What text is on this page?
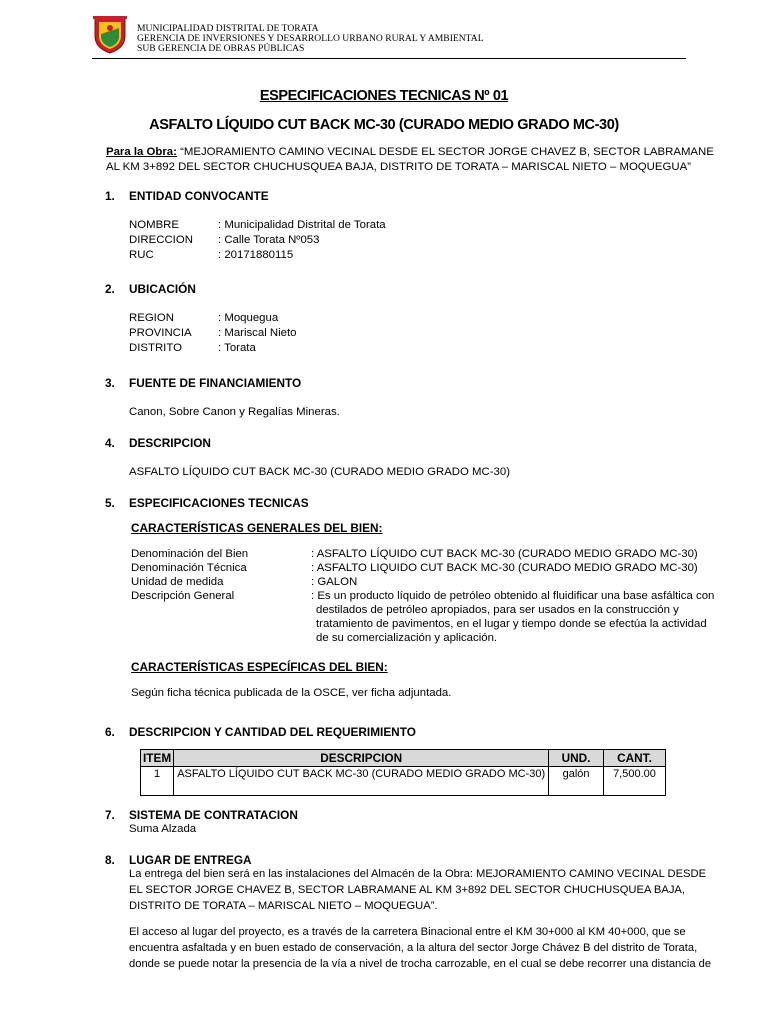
MUNICIPALIDAD DISTRITAL DE TORATA
GERENCIA DE INVERSIONES Y DESARROLLO URBANO RURAL Y AMBIENTAL
SUB GERENCIA DE OBRAS PÚBLICAS
ESPECIFICACIONES TECNICAS Nº 01
ASFALTO LÍQUIDO CUT BACK MC-30 (CURADO MEDIO GRADO MC-30)
Para la Obra: “MEJORAMIENTO CAMINO VECINAL DESDE EL SECTOR JORGE CHAVEZ B, SECTOR LABRAMANE
AL KM 3+892 DEL SECTOR CHUCHUSQUEA BAJA, DISTRITO DE TORATA – MARISCAL NIETO – MOQUEGUA”
1. ENTIDAD CONVOCANTE
NOMBRE	: Municipalidad Distrital de Torata
DIRECCION : Calle Torata Nº053
RUC	: 20171880115
2. UBICACIÓN
REGION	: Moquegua
PROVINCIA : Mariscal Nieto
DISTRITO	: Torata
3. FUENTE DE FINANCIAMIENTO
Canon, Sobre Canon y Regalías Mineras.
4. DESCRIPCION
ASFALTO LÍQUIDO CUT BACK MC-30 (CURADO MEDIO GRADO MC-30)
5. ESPECIFICACIONES TECNICAS
CARACTERÍSTICAS GENERALES DEL BIEN:
Denominación del Bien	: ASFALTO LÍQUIDO CUT BACK MC-30 (CURADO MEDIO GRADO MC-30)
Denominación Técnica	: ASFALTO LIQUIDO CUT BACK MC-30 (CURADO MEDIO GRADO MC-30)
Unidad de medida	: GALON
Descripción General	: Es un producto líquido de petróleo obtenido al fluidificar una base asfáltica con
destilados de petróleo apropiados, para ser usados en la construcción y
tratamiento de pavimentos, en el lugar y tiempo donde se efectúa la actividad
de su comercialización y aplicación.
CARACTERÍSTICAS ESPECÍFICAS DEL BIEN:
Según ficha técnica publicada de la OSCE, ver ficha adjuntada.
6. DESCRIPCION Y CANTIDAD DEL REQUERIMIENTO
ITEM	DESCRIPCION	UND.	CANT.
1	ASFALTO LÍQUIDO CUT BACK MC-30 (CURADO MEDIO GRADO MC-30)	galón	7,500.00
7. SISTEMA DE CONTRATACION
Suma Alzada
8. LUGAR DE ENTREGA
La entrega del bien será en las instalaciones del Almacén de la Obra: MEJORAMIENTO CAMINO VECINAL DESDE
EL SECTOR JORGE CHAVEZ B, SECTOR LABRAMANE AL KM 3+892 DEL SECTOR CHUCHUSQUEA BAJA,
DISTRITO DE TORATA – MARISCAL NIETO – MOQUEGUA”.
El acceso al lugar del proyecto, es a través de la carretera Binacional entre el KM 30+000 al KM 40+000, que se
encuentra asfaltada y en buen estado de conservación, a la altura del sector Jorge Chávez B del distrito de Torata,
donde se puede notar la presencia de la vía a nivel de trocha carrozable, en el cual se debe recorrer una distancia de
